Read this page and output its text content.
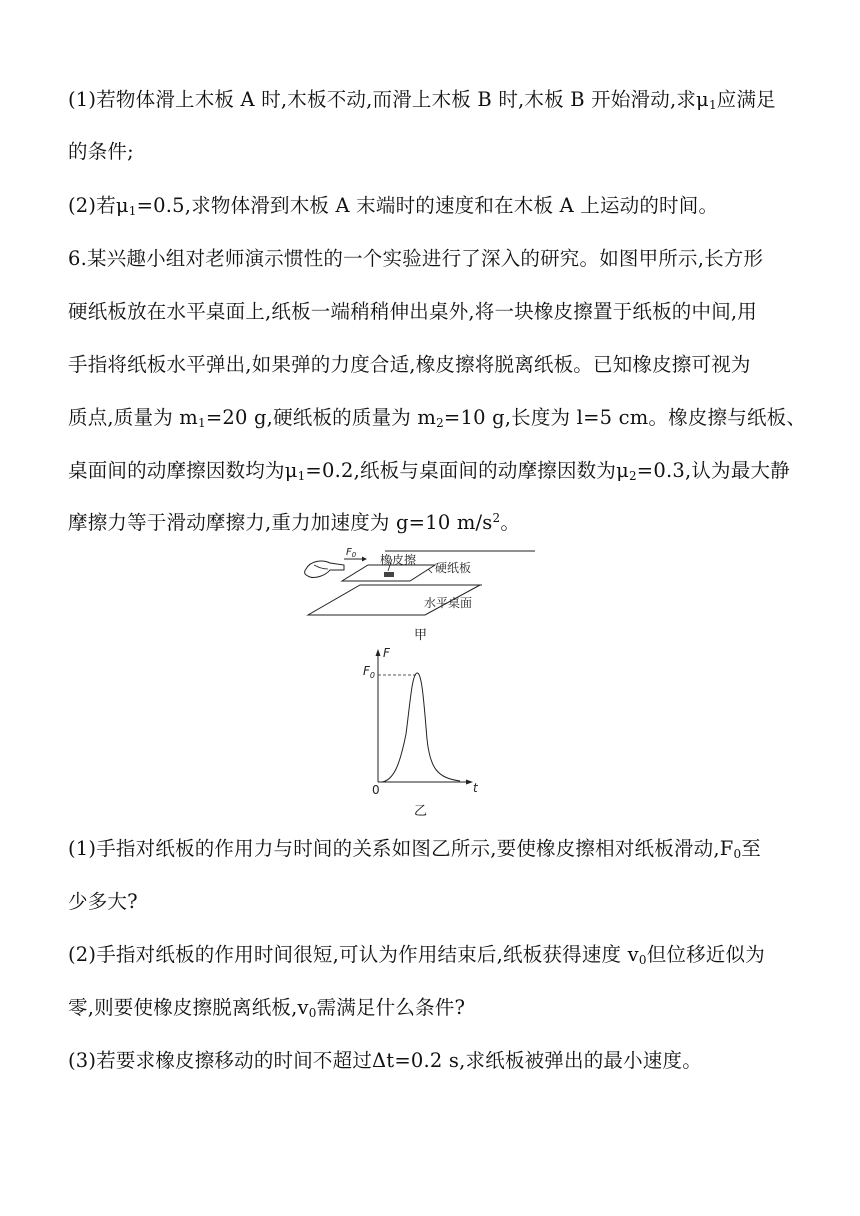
(1)若物体滑上木板 A 时,木板不动,而滑上木板 B 时,木板 B 开始滑动,求$\mu_1$应满足
的条件;
(2)若$\mu_1=0.5$,求物体滑到木板 A 末端时的速度和在木板 A 上运动的时间。
6.某兴趣小组对老师演示惯性的一个实验进行了深入的研究。如图甲所示,长方形
硬纸板放在水平桌面上,纸板一端稍稍伸出桌外,将一块橡皮擦置于纸板的中间,用
手指将纸板水平弹出,如果弹的力度合适,橡皮擦将脱离纸板。已知橡皮擦可视为
质点,质量为 $m_1=20$ g,硬纸板的质量为 $m_2=10$ g,长度为 l=5 cm。橡皮擦与纸板、
桌面间的动摩擦因数均为$\mu_1=0.2$,纸板与桌面间的动摩擦因数为$\mu_2=0.3$,认为最大静
摩擦力等于滑动摩擦力,重力加速度为 g=10 $m/s^2$。
(1)手指对纸板的作用力与时间的关系如图乙所示,要使橡皮擦相对纸板滑动$,F_0$至
少多大?
(2)手指对纸板的作用时间很短,可认为作用结束后,纸板获得速度 $v_0$但位移近似为
零,则要使橡皮擦脱离纸板$,v_0$需满足什么条件?
(3)若要求橡皮擦移动的时间不超过Δt=0.2 s,求纸板被弹出的最小速度。
$F_0$ 橡皮擦
硬纸板
水平桌面
甲
F
$F_0$
0	t
乙
